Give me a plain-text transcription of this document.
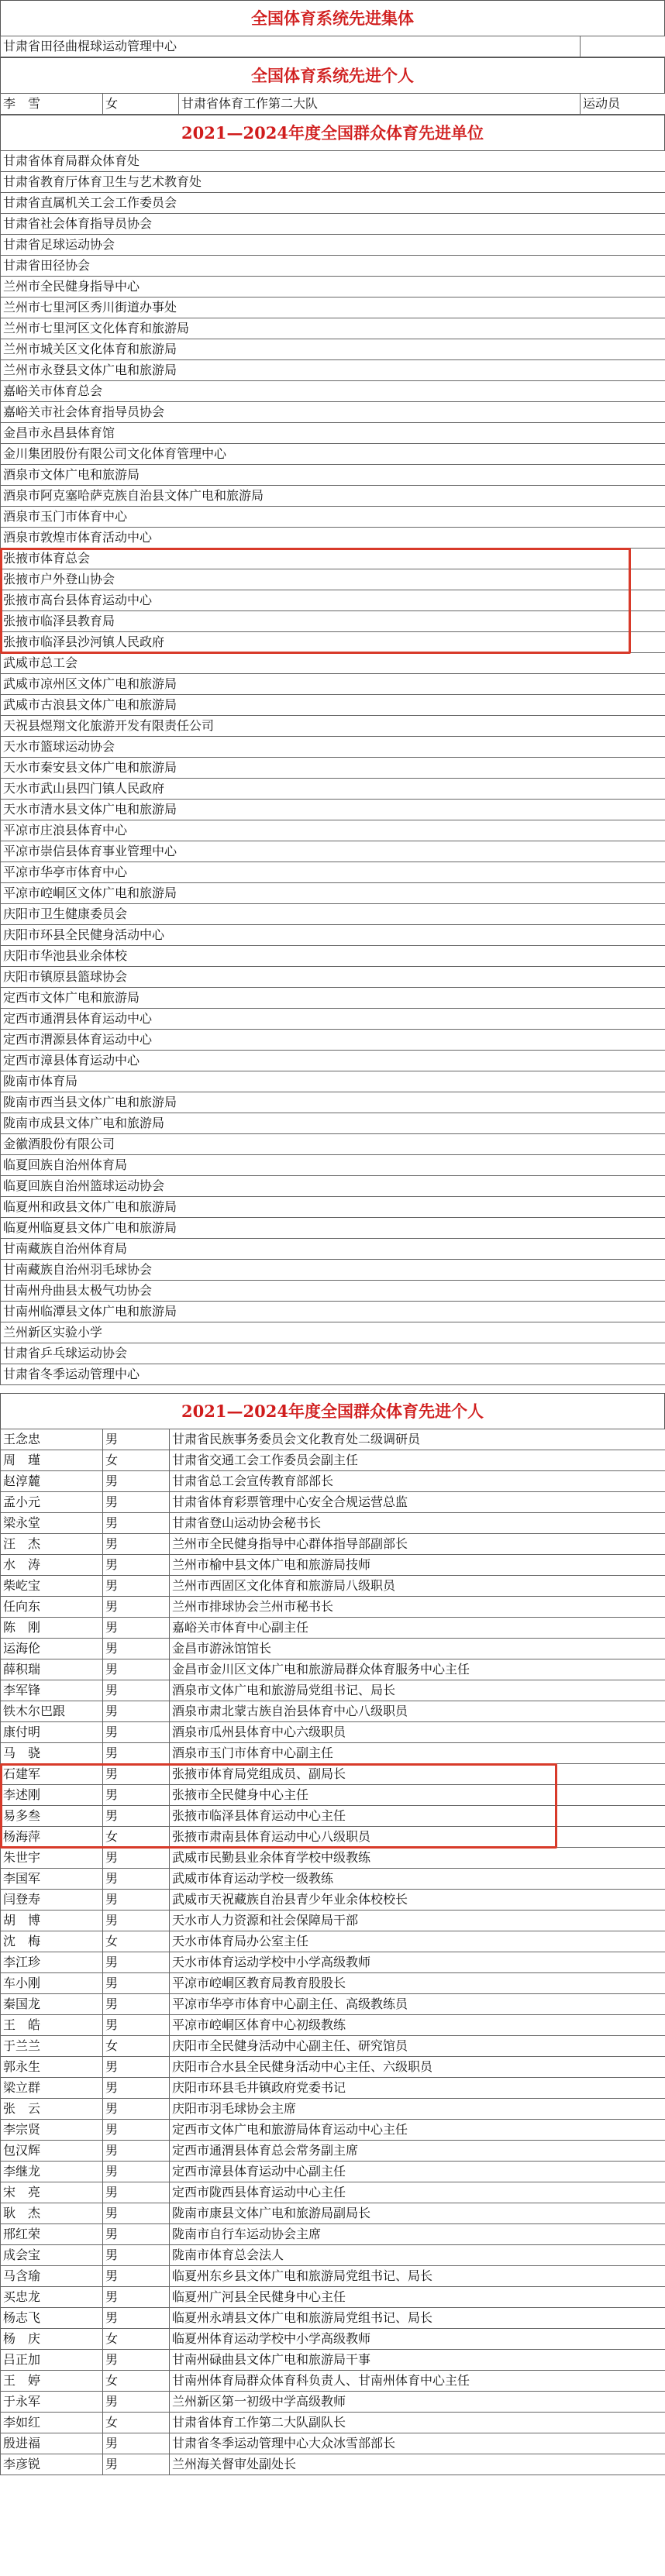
全国体育系统先进集体
甘肃省田径曲棍球运动管理中心	
全国体育系统先进个人
李　雪	女	甘肃省体育工作第二大队	运动员
2021—2024年度全国群众体育先进单位
甘肃省体育局群众体育处
甘肃省教育厅体育卫生与艺术教育处
甘肃省直属机关工会工作委员会
甘肃省社会体育指导员协会
甘肃省足球运动协会
甘肃省田径协会
兰州市全民健身指导中心
兰州市七里河区秀川街道办事处
兰州市七里河区文化体育和旅游局
兰州市城关区文化体育和旅游局
兰州市永登县文体广电和旅游局
嘉峪关市体育总会
嘉峪关市社会体育指导员协会
金昌市永昌县体育馆
金川集团股份有限公司文化体育管理中心
酒泉市文体广电和旅游局
酒泉市阿克塞哈萨克族自治县文体广电和旅游局
酒泉市玉门市体育中心
酒泉市敦煌市体育活动中心
张掖市体育总会
张掖市户外登山协会
张掖市高台县体育运动中心
张掖市临泽县教育局
张掖市临泽县沙河镇人民政府
武威市总工会
武威市凉州区文体广电和旅游局
武威市古浪县文体广电和旅游局
天祝县煜翔文化旅游开发有限责任公司
天水市篮球运动协会
天水市秦安县文体广电和旅游局
天水市武山县四门镇人民政府
天水市清水县文体广电和旅游局
平凉市庄浪县体育中心
平凉市崇信县体育事业管理中心
平凉市华亭市体育中心
平凉市崆峒区文体广电和旅游局
庆阳市卫生健康委员会
庆阳市环县全民健身活动中心
庆阳市华池县业余体校
庆阳市镇原县篮球协会
定西市文体广电和旅游局
定西市通渭县体育运动中心
定西市渭源县体育运动中心
定西市漳县体育运动中心
陇南市体育局
陇南市西当县文体广电和旅游局
陇南市成县文体广电和旅游局
金徽酒股份有限公司
临夏回族自治州体育局
临夏回族自治州篮球运动协会
临夏州和政县文体广电和旅游局
临夏州临夏县文体广电和旅游局
甘南藏族自治州体育局
甘南藏族自治州羽毛球协会
甘南州舟曲县太极气功协会
甘南州临潭县文体广电和旅游局
兰州新区实验小学
甘肃省乒乓球运动协会
甘肃省冬季运动管理中心
2021—2024年度全国群众体育先进个人
王念忠	男	甘肃省民族事务委员会文化教育处二级调研员
周　瑾	女	甘肃省交通工会工作委员会副主任
赵淳麓	男	甘肃省总工会宣传教育部部长
孟小元	男	甘肃省体育彩票管理中心安全合规运营总监
梁永堂	男	甘肃省登山运动协会秘书长
汪　杰	男	兰州市全民健身指导中心群体指导部副部长
水　涛	男	兰州市榆中县文体广电和旅游局技师
柴屹宝	男	兰州市西固区文化体育和旅游局八级职员
任向东	男	兰州市排球协会兰州市秘书长
陈　刚	男	嘉峪关市体育中心副主任
运海伦	男	金昌市游泳馆馆长
薛积瑞	男	金昌市金川区文体广电和旅游局群众体育服务中心主任
李军锋	男	酒泉市文体广电和旅游局党组书记、局长
铁木尔巴跟	男	酒泉市肃北蒙古族自治县体育中心八级职员
康付明	男	酒泉市瓜州县体育中心六级职员
马　骁	男	酒泉市玉门市体育中心副主任
石建军	男	张掖市体育局党组成员、副局长
李述刚	男	张掖市全民健身中心主任
易多叁	男	张掖市临泽县体育运动中心主任
杨海萍	女	张掖市肃南县体育运动中心八级职员
朱世宇	男	武威市民勤县业余体育学校中级教练
李国军	男	武威市体育运动学校一级教练
闫登寿	男	武威市天祝藏族自治县青少年业余体校校长
胡　博	男	天水市人力资源和社会保障局干部
沈　梅	女	天水市体育局办公室主任
李江珍	男	天水市体育运动学校中小学高级教师
车小刚	男	平凉市崆峒区教育局教育股股长
秦国龙	男	平凉市华亭市体育中心副主任、高级教练员
王　皓	男	平凉市崆峒区体育中心初级教练
于兰兰	女	庆阳市全民健身活动中心副主任、研究馆员
郭永生	男	庆阳市合水县全民健身活动中心主任、六级职员
梁立群	男	庆阳市环县毛井镇政府党委书记
张　云	男	庆阳市羽毛球协会主席
李宗贤	男	定西市文体广电和旅游局体育运动中心主任
包汉辉	男	定西市通渭县体育总会常务副主席
李继龙	男	定西市漳县体育运动中心副主任
宋　亮	男	定西市陇西县体育运动中心主任
耿　杰	男	陇南市康县文体广电和旅游局副局长
邢红荣	男	陇南市自行车运动协会主席
成会宝	男	陇南市体育总会法人
马含瑜	男	临夏州东乡县文体广电和旅游局党组书记、局长
买忠龙	男	临夏州广河县全民健身中心主任
杨志飞	男	临夏州永靖县文体广电和旅游局党组书记、局长
杨　庆	女	临夏州体育运动学校中小学高级教师
吕正加	男	甘南州碌曲县文体广电和旅游局干事
王　婷	女	甘南州体育局群众体育科负责人、甘南州体育中心主任
于永军	男	兰州新区第一初级中学高级教师
李如红	女	甘肃省体育工作第二大队副队长
殷进福	男	甘肃省冬季运动管理中心大众冰雪部部长
李彦锐	男	兰州海关督审处副处长
